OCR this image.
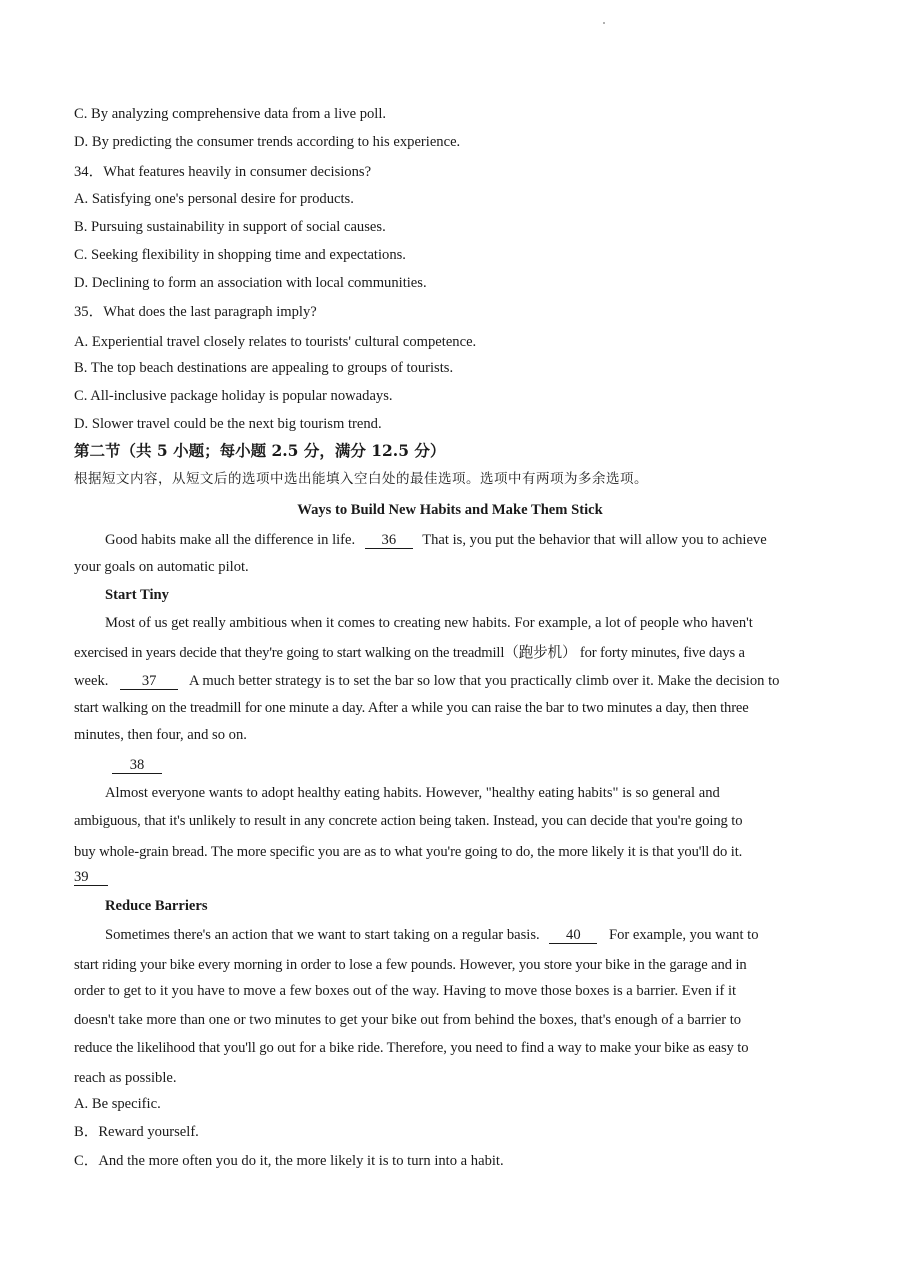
C. By analyzing comprehensive data from a live poll.
D. By predicting the consumer trends according to his experience.
34．What features heavily in consumer decisions?
A. Satisfying one's personal desire for products.
B. Pursuing sustainability in support of social causes.
C. Seeking flexibility in shopping time and expectations.
D. Declining to form an association with local communities.
35．What does the last paragraph imply?
A. Experiential travel closely relates to tourists' cultural competence.
B. The top beach destinations are appealing to groups of tourists.
C. All-inclusive package holiday is popular nowadays.
D. Slower travel could be the next big tourism trend.
第二节（共 5 小题；每小题 2.5 分，满分 12.5 分）
根据短文内容，从短文后的选项中选出能填入空白处的最佳选项。选项中有两项为多余选项。
Ways to Build New Habits and Make Them Stick
Good habits make all the difference in life. 36 That is, you put the behavior that will allow you to achieve
your goals on automatic pilot.
Start Tiny
Most of us get really ambitious when it comes to creating new habits. For example, a lot of people who haven't
exercised in years decide that they're going to start walking on the treadmill（跑步机） for forty minutes, five days a
week. 37 A much better strategy is to set the bar so low that you practically climb over it. Make the decision to
start walking on the treadmill for one minute a day. After a while you can raise the bar to two minutes a day, then three
minutes, then four, and so on.
38
Almost everyone wants to adopt healthy eating habits. However, "healthy eating habits" is so general and
ambiguous, that it's unlikely to result in any concrete action being taken. Instead, you can decide that you're going to
buy whole-grain bread. The more specific you are as to what you're going to do, the more likely it is that you'll do it.
39
Reduce Barriers
Sometimes there's an action that we want to start taking on a regular basis. 40 For example, you want to
start riding your bike every morning in order to lose a few pounds. However, you store your bike in the garage and in
order to get to it you have to move a few boxes out of the way. Having to move those boxes is a barrier. Even if it
doesn't take more than one or two minutes to get your bike out from behind the boxes, that's enough of a barrier to
reduce the likelihood that you'll go out for a bike ride. Therefore, you need to find a way to make your bike as easy to
reach as possible.
A. Be specific.
B．Reward yourself.
C．And the more often you do it, the more likely it is to turn into a habit.
